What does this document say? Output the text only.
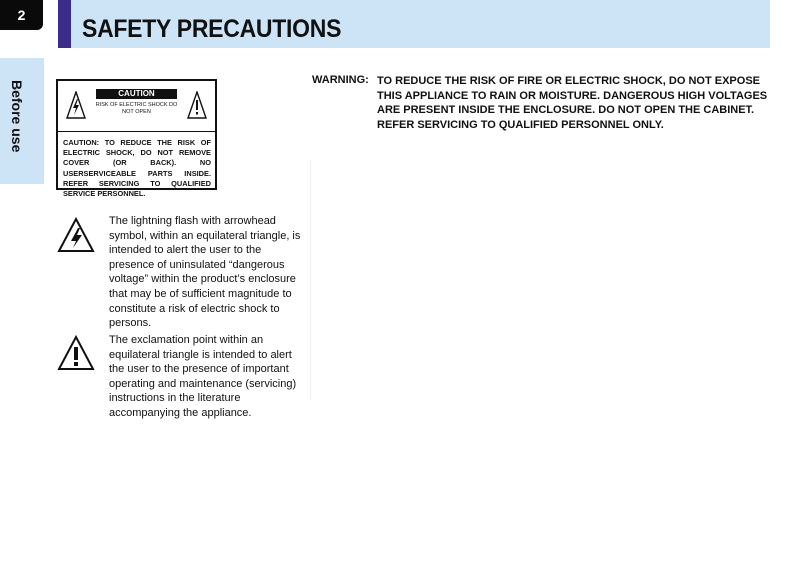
2	SAFETY PRECAUTIONS
Before use	CAUTION
RISK OF ELECTRIC SHOCK DO NOT OPEN
CAUTION: TO REDUCE THE RISK OF ELECTRIC SHOCK, DO NOT REMOVE COVER (OR BACK). NO USERSERVICEABLE PARTS INSIDE. REFER SERVICING TO QUALIFIED SERVICE PERSONNEL.
The lightning flash with arrowhead symbol, within an equilateral triangle, is intended to alert the user to the presence of uninsulated “dangerous voltage” within the product’s enclosure that may be of sufficient magnitude to constitute a risk of electric shock to persons.
The exclamation point within an equilateral triangle is intended to alert the user to the presence of important operating and maintenance (servicing) instructions in the literature accompanying the appliance.
WARNING: TO REDUCE THE RISK OF FIRE OR ELECTRIC SHOCK, DO NOT EXPOSE THIS APPLIANCE TO RAIN OR MOISTURE. DANGEROUS HIGH VOLTAGES ARE PRESENT INSIDE THE ENCLOSURE. DO NOT OPEN THE CABINET. REFER SERVICING TO QUALIFIED PERSONNEL ONLY.
